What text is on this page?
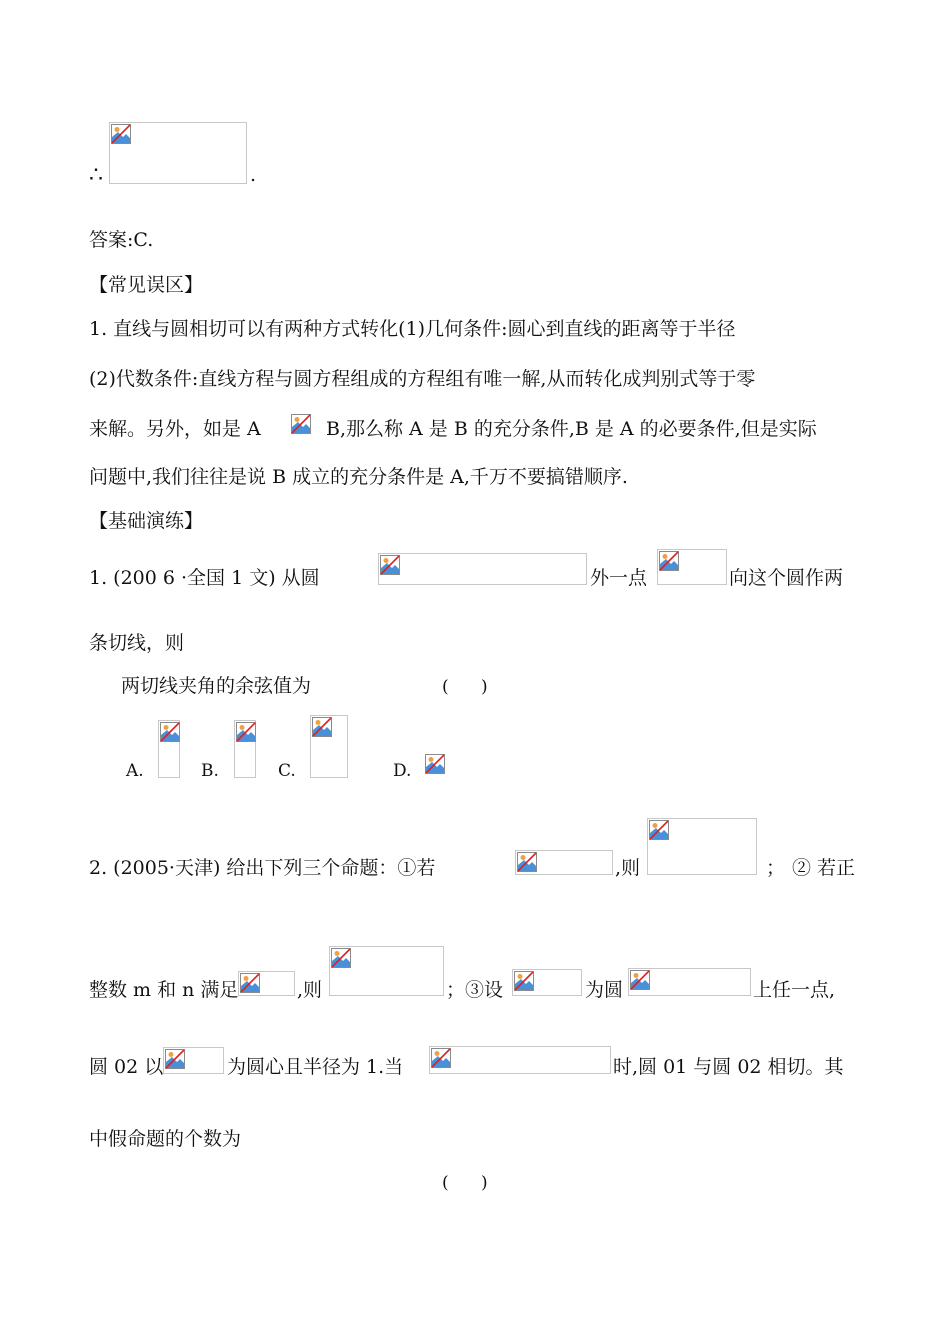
∴	.
答案:C.
【常见误区】
1. 直线与圆相切可以有两种方式转化(1)几何条件:圆心到直线的距离等于半径
(2)代数条件:直线方程与圆方程组成的方程组有唯一解,从而转化成判别式等于零
来解。另外，如是 A	B,那么称 A 是 B 的充分条件,B 是 A 的必要条件,但是实际
问题中,我们往往是说 B 成立的充分条件是 A,千万不要搞错顺序.
【基础演练】
1. (200 6 ·全国 1 文) 从圆	外一点	向这个圆作两
条切线，则
两切线夹角的余弦值为	(      )
A.	B.	C.	D.
2. (2005·天津) 给出下列三个命题：①若	,则	； ② 若正
整数 m 和 n 满足	,则	；③设	为圆	上任一点,
圆 02 以	为圆心且半径为 1.当	时,圆 01 与圆 02 相切。其
中假命题的个数为
(      )
